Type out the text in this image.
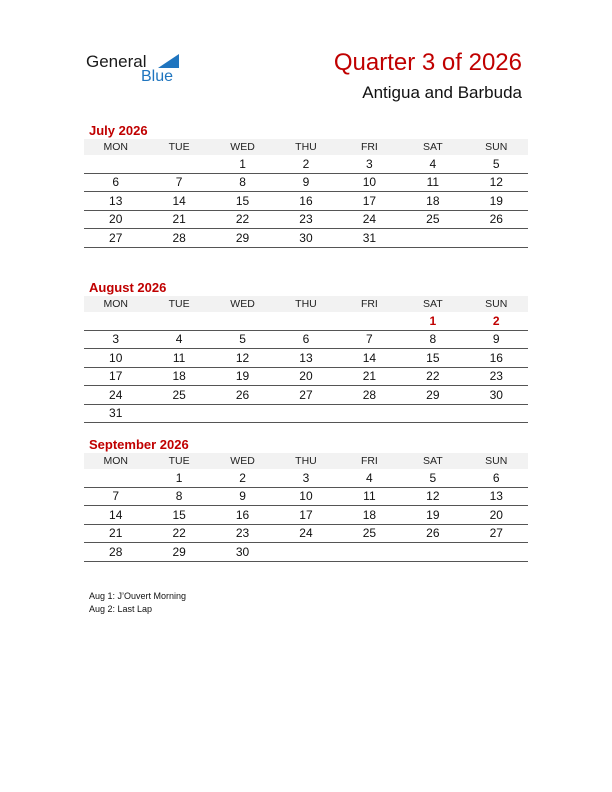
General
Blue
Quarter 3 of 2026
Antigua and Barbuda
July 2026
MON	TUE	WED	THU	FRI	SAT	SUN
		1	2	3	4	5
6	7	8	9	10	11	12
13	14	15	16	17	18	19
20	21	22	23	24	25	26
27	28	29	30	31		
August 2026
MON	TUE	WED	THU	FRI	SAT	SUN
					1	2
3	4	5	6	7	8	9
10	11	12	13	14	15	16
17	18	19	20	21	22	23
24	25	26	27	28	29	30
31						
September 2026
MON	TUE	WED	THU	FRI	SAT	SUN
	1	2	3	4	5	6
7	8	9	10	11	12	13
14	15	16	17	18	19	20
21	22	23	24	25	26	27
28	29	30				
Aug 1: J’Ouvert Morning
Aug 2: Last Lap
